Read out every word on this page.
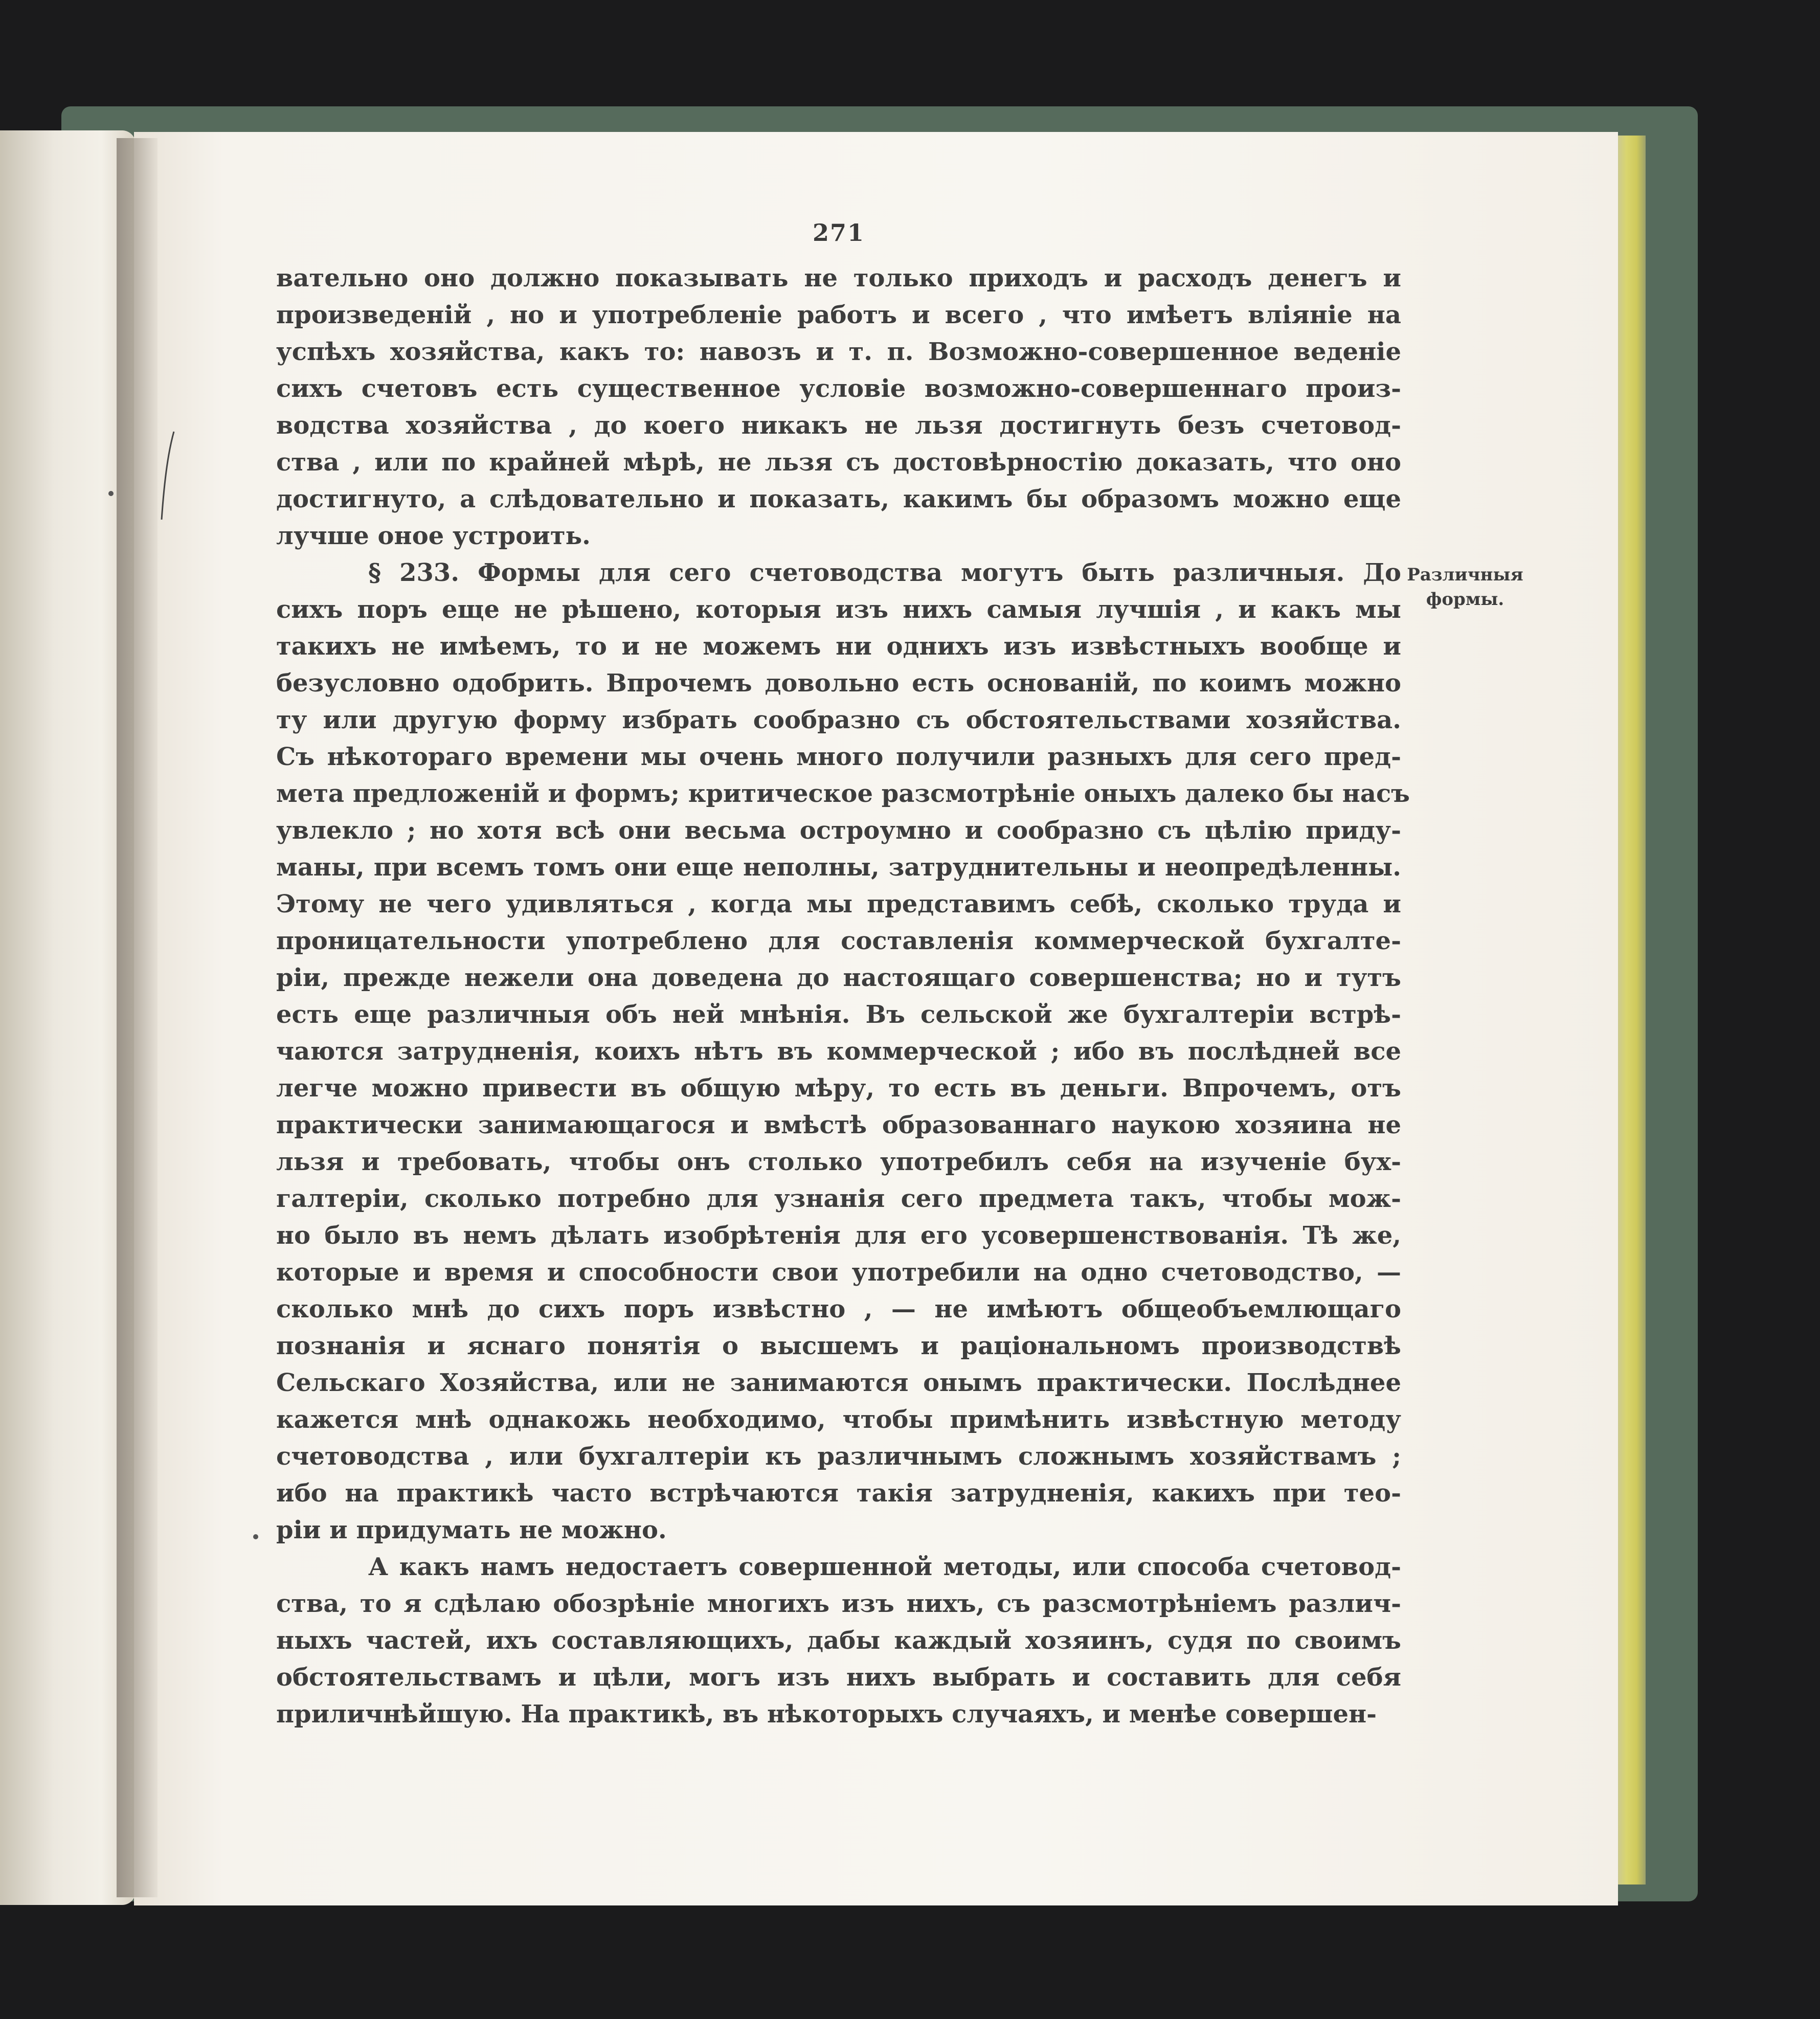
271
вательно оно должно показывать не только приходъ и расходъ денегъ и
произведеній , но и употребленіе работъ и всего , что имѣетъ вліяніе на
успѣхъ хозяйства, какъ то: навозъ и т. п. Возможно-совершенное веденіе
сихъ счетовъ есть существенное условіе возможно-совершеннаго произ-
водства хозяйства , до коего никакъ не льзя достигнуть безъ счетовод-
ства , или по крайней мѣрѣ, не льзя съ достовѣрностію доказать, что оно
достигнуто, а слѣдовательно и показать, какимъ бы образомъ можно еще
лучше оное устроить.
§ 233. Формы для сего счетоводства могутъ быть различныя. До
сихъ поръ еще не рѣшено, которыя изъ нихъ самыя лучшія , и какъ мы
такихъ не имѣемъ, то и не можемъ ни однихъ изъ извѣстныхъ вообще и
безусловно одобрить. Впрочемъ довольно есть основаній, по коимъ можно
ту или другую форму избрать сообразно съ обстоятельствами хозяйства.
Съ нѣкотораго времени мы очень много получили разныхъ для сего пред-
мета предложеній и формъ; критическое разсмотрѣніе оныхъ далеко бы насъ
увлекло ; но хотя всѣ они весьма остроумно и сообразно съ цѣлію приду-
маны, при всемъ томъ они еще неполны, затруднительны и неопредѣленны.
Этому не чего удивляться , когда мы представимъ себѣ, сколько труда и
проницательности употреблено для составленія коммерческой бухгалте-
ріи, прежде нежели она доведена до настоящаго совершенства; но и тутъ
есть еще различныя объ ней мнѣнія. Въ сельской же бухгалтеріи встрѣ-
чаются затрудненія, коихъ нѣтъ въ коммерческой ; ибо въ послѣдней все
легче можно привести въ общую мѣру, то есть въ деньги. Впрочемъ, отъ
практически занимающагося и вмѣстѣ образованнаго наукою хозяина не
льзя и требовать, чтобы онъ столько употребилъ себя на изученіе бух-
галтеріи, сколько потребно для узнанія сего предмета такъ, чтобы мож-
но было въ немъ дѣлать изобрѣтенія для его усовершенствованія. Тѣ же,
которые и время и способности свои употребили на одно счетоводство, —
сколько мнѣ до сихъ поръ извѣстно , — не имѣютъ общеобъемлющаго
познанія и яснаго понятія о высшемъ и раціональномъ производствѣ
Сельскаго Хозяйства, или не занимаются онымъ практически. Послѣднее
кажется мнѣ однакожь необходимо, чтобы примѣнить извѣстную методу
счетоводства , или бухгалтеріи къ различнымъ сложнымъ хозяйствамъ ;
ибо на практикѣ часто встрѣчаются такія затрудненія, какихъ при теo-
ріи и придумать не можно.
А какъ намъ недостаетъ совершенной методы, или способа счетовод-
ства, то я сдѣлаю обозрѣніе многихъ изъ нихъ, съ разсмотрѣніемъ различ-
ныхъ частей, ихъ составляющихъ, дабы каждый хозяинъ, судя по своимъ
обстоятельствамъ и цѣли, могъ изъ нихъ выбрать и составить для себя
приличнѣйшую. На практикѣ, въ нѣкоторыхъ случаяхъ, и менѣе совершен-
Различныя
формы.
